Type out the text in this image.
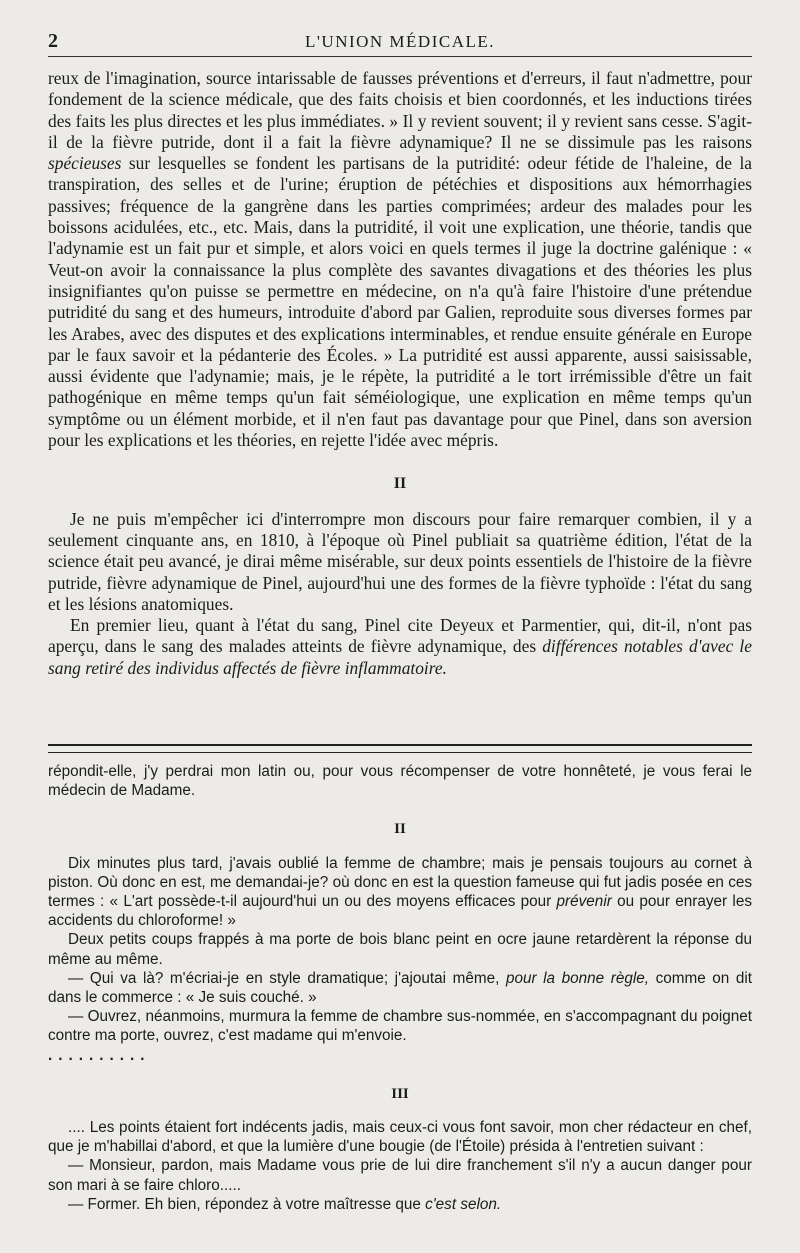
2	L'UNION MÉDICALE.

reux de l'imagination, source intarissable de fausses préventions et d'erreurs, il faut n'admettre, pour fondement de la science médicale, que des faits choisis et bien coordonnés, et les inductions tirées des faits les plus directes et les plus immédiates. » Il y revient souvent; il y revient sans cesse. S'agit-il de la fièvre putride, dont il a fait la fièvre adynamique? Il ne se dissimule pas les raisons spécieuses sur lesquelles se fondent les partisans de la putridité: odeur fétide de l'haleine, de la transpiration, des selles et de l'urine; éruption de pétéchies et dispositions aux hémorrhagies passives; fréquence de la gangrène dans les parties comprimées; ardeur des malades pour les boissons acidulées, etc., etc. Mais, dans la putridité, il voit une explication, une théorie, tandis que l'adynamie est un fait pur et simple, et alors voici en quels termes il juge la doctrine galénique : « Veut-on avoir la connaissance la plus complète des savantes divagations et des théories les plus insignifiantes qu'on puisse se permettre en médecine, on n'a qu'à faire l'histoire d'une prétendue putridité du sang et des humeurs, introduite d'abord par Galien, reproduite sous diverses formes par les Arabes, avec des disputes et des explications interminables, et rendue ensuite générale en Europe par le faux savoir et la pédanterie des Écoles. » La putridité est aussi apparente, aussi saisissable, aussi évidente que l'adynamie; mais, je le répète, la putridité a le tort irrémissible d'être un fait pathogénique en même temps qu'un fait séméiologique, une explication en même temps qu'un symptôme ou un élément morbide, et il n'en faut pas davantage pour que Pinel, dans son aversion pour les explications et les théories, en rejette l'idée avec mépris.

II

Je ne puis m'empêcher ici d'interrompre mon discours pour faire remarquer combien, il y a seulement cinquante ans, en 1810, à l'époque où Pinel publiait sa quatrième édition, l'état de la science était peu avancé, je dirai même misérable, sur deux points essentiels de l'histoire de la fièvre putride, fièvre adynamique de Pinel, aujourd'hui une des formes de la fièvre typhoïde : l'état du sang et les lésions anatomiques.

En premier lieu, quant à l'état du sang, Pinel cite Deyeux et Parmentier, qui, dit-il, n'ont pas aperçu, dans le sang des malades atteints de fièvre adynamique, des différences notables d'avec le sang retiré des individus affectés de fièvre inflammatoire.

répondit-elle, j'y perdrai mon latin ou, pour vous récompenser de votre honnêteté, je vous ferai le médecin de Madame.

II

Dix minutes plus tard, j'avais oublié la femme de chambre; mais je pensais toujours au cornet à piston. Où donc en est, me demandai-je? où donc en est la question fameuse qui fut jadis posée en ces termes : « L'art possède-t-il aujourd'hui un ou des moyens efficaces pour prévenir ou pour enrayer les accidents du chloroforme! »

Deux petits coups frappés à ma porte de bois blanc peint en ocre jaune retardèrent la réponse du même au même.

— Qui va là? m'écriai-je en style dramatique; j'ajoutai même, pour la bonne règle, comme on dit dans le commerce : « Je suis couché. »

— Ouvrez, néanmoins, murmura la femme de chambre sus-nommée, en s'accompagnant du poignet contre ma porte, ouvrez, c'est madame qui m'envoie.

..........

III

.... Les points étaient fort indécents jadis, mais ceux-ci vous font savoir, mon cher rédacteur en chef, que je m'habillai d'abord, et que la lumière d'une bougie (de l'Étoile) présida à l'entretien suivant :

— Monsieur, pardon, mais Madame vous prie de lui dire franchement s'il n'y a aucun danger pour son mari à se faire chloro.....

— Former. Eh bien, répondez à votre maîtresse que c'est selon.
